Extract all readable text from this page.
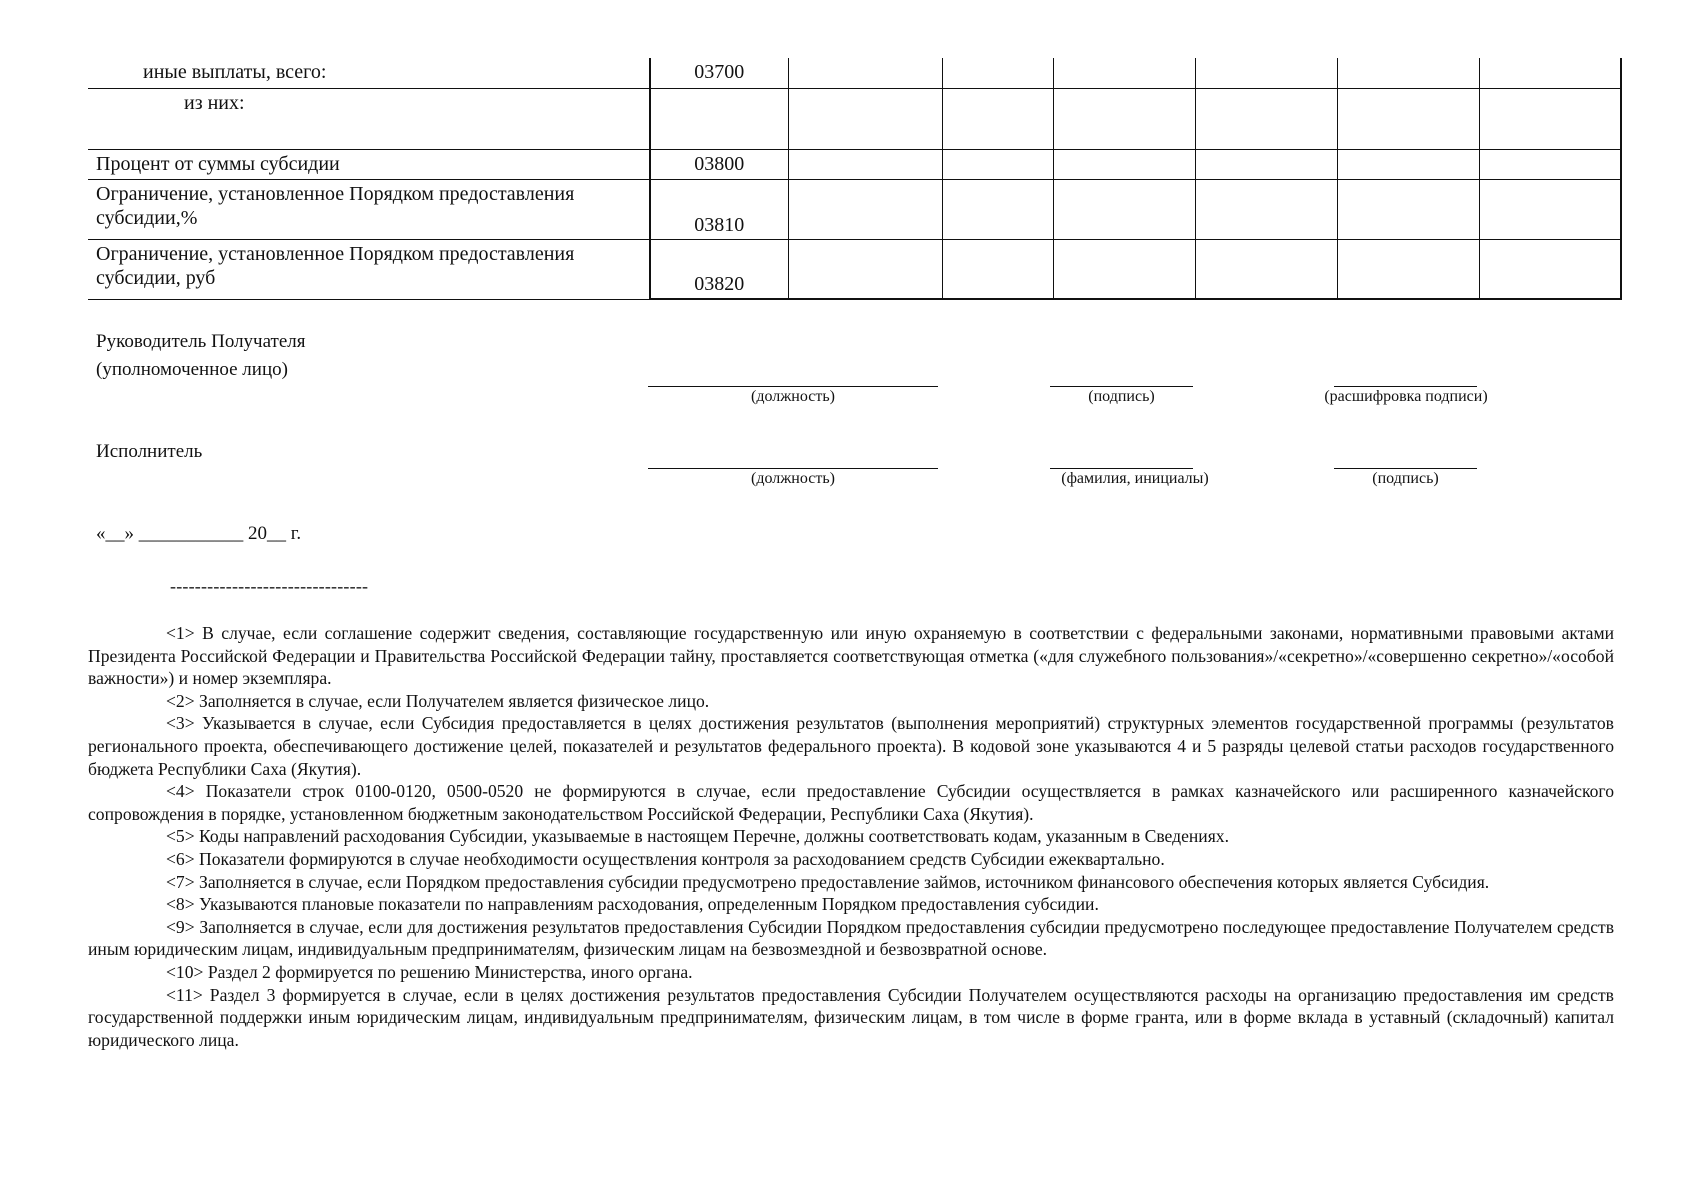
иные выплаты, всего:	03700						
из них:							
Процент от суммы субсидии	03800						
Ограничение, установленное Порядком предоставления субсидии,%	03810						
Ограничение, установленное Порядком предоставления субсидии, руб	03820						
Руководитель Получателя
(уполномоченное лицо)
(должность)	(подпись)	(расшифровка подписи)
Исполнитель
(должность)	(фамилия, инициалы)	(подпись)
«__» ___________ 20__ г.
--------------------------------

<1> В случае, если соглашение содержит сведения, составляющие государственную или иную охраняемую в соответствии с федеральными законами, нормативными правовыми актами Президента Российской Федерации и Правительства Российской Федерации тайну, проставляется соответствующая отметка («для служебного пользования»/«секретно»/«совершенно секретно»/«особой важности») и номер экземпляра.

<2> Заполняется в случае, если Получателем является физическое лицо.

<3> Указывается в случае, если Субсидия предоставляется в целях достижения результатов (выполнения мероприятий) структурных элементов государственной программы (результатов регионального проекта, обеспечивающего достижение целей, показателей и результатов федерального проекта). В кодовой зоне указываются 4 и 5 разряды целевой статьи расходов государственного бюджета Республики Саха (Якутия).

<4> Показатели строк 0100-0120, 0500-0520 не формируются в случае, если предоставление Субсидии осуществляется в рамках казначейского или расширенного казначейского сопровождения в порядке, установленном бюджетным законодательством Российской Федерации, Республики Саха (Якутия).

<5> Коды направлений расходования Субсидии, указываемые в настоящем Перечне, должны соответствовать кодам, указанным в Сведениях.

<6> Показатели формируются в случае необходимости осуществления контроля за расходованием средств Субсидии ежеквартально.

<7> Заполняется в случае, если Порядком предоставления субсидии предусмотрено предоставление займов, источником финансового обеспечения которых является Субсидия.

<8> Указываются плановые показатели по направлениям расходования, определенным Порядком предоставления субсидии.

<9> Заполняется в случае, если для достижения результатов предоставления Субсидии Порядком предоставления субсидии предусмотрено последующее предоставление Получателем средств иным юридическим лицам, индивидуальным предпринимателям, физическим лицам на безвозмездной и безвозвратной основе.

<10> Раздел 2 формируется по решению Министерства, иного органа.

<11> Раздел 3 формируется в случае, если в целях достижения результатов предоставления Субсидии Получателем осуществляются расходы на организацию предоставления им средств государственной поддержки иным юридическим лицам, индивидуальным предпринимателям, физическим лицам, в том числе в форме гранта, или в форме вклада в уставный (складочный) капитал юридического лица.
